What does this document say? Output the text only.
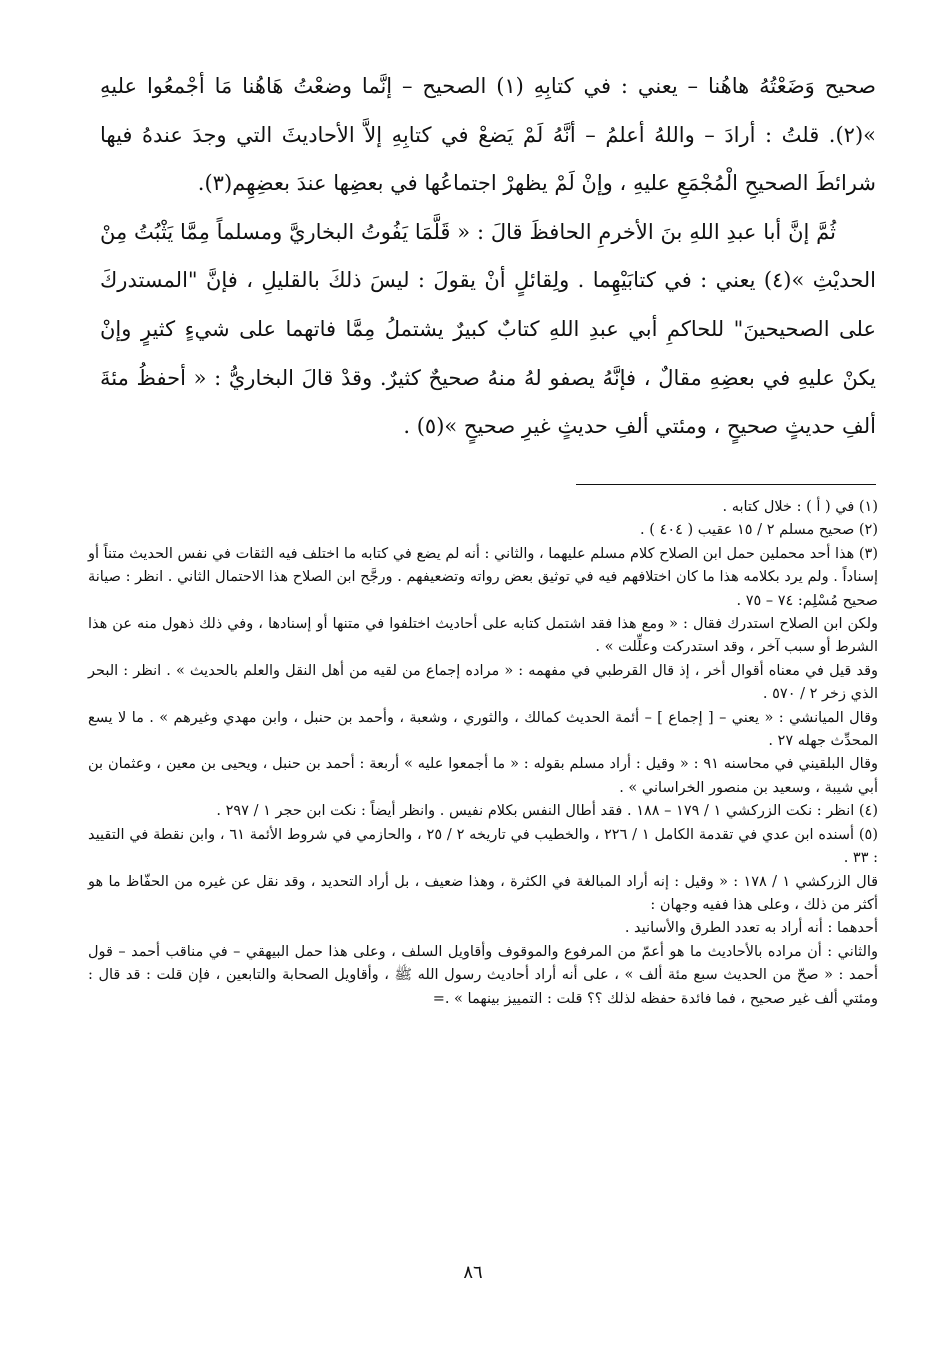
صحيح وَضَعْتُهُ هاهُنا – يعني : في كتابِهِ (١) الصحيح – إنَّما وضعْتُ هَاهُنا مَا أجْمعُوا عليهِ »(٢). قلتُ : أرادَ – واللهُ أعلمُ – أنَّهُ لَمْ يَضعْ في كتابِهِ إلاَّ الأحاديثَ التي وجدَ عندهُ فيها شرائطَ الصحيحِ الْمُجْمَعِ عليهِ ، وإنْ لَمْ يظهرْ اجتماعُها في بعضِها عندَ بعضِهِم(٣).

ثُمَّ إنَّ أبا عبدِ اللهِ بنَ الأخرمِ الحافظَ قالَ : « قَلَّمَا يَفُوتُ البخاريَّ ومسلماً مِمَّا يَثْبُتُ مِنْ الحديْثِ »(٤) يعني : في كتابَيْهِما . ولِقائلٍ أنْ يقولَ : ليسَ ذلكَ بالقليلِ ، فإنَّ "المستدركَ على الصحيحينَ" للحاكمِ أبي عبدِ اللهِ كتابٌ كبيرٌ يشتملُ مِمَّا فاتهما على شيءٍ كثيرٍ وإنْ يكنْ عليهِ في بعضِهِ مقالٌ ، فإنَّهُ يصفو لهُ منهُ صحيحٌ كثيرٌ. وقدْ قالَ البخاريُّ : « أحفظُ مئةَ ألفِ حديثٍ صحيحٍ ، ومئتي ألفِ حديثٍ غيرِ صحيحٍ »(٥) .

(١) في ( أ ) : خلال كتابه .

(٢) صحيح مسلم ٢ / ١٥ عقيب ( ٤٠٤ ) .

(٣) هذا أحد محملين حمل ابن الصلاح كلام مسلم عليهما ، والثاني : أنه لم يضع في كتابه ما اختلف فيه الثقات في نفس الحديث متناً أو إسناداً . ولم يرد بكلامه هذا ما كان اختلافهم فيه في توثيق بعض رواته وتضعيفهم . ورجَّح ابن الصلاح هذا الاحتمال الثاني . انظر : صيانة صحيح مُسْلِم: ٧٤ – ٧٥ .

ولكن ابن الصلاح استدرك فقال : « ومع هذا فقد اشتمل كتابه على أحاديث اختلفوا في متنها أو إسنادها ، وفي ذلك ذهول منه عن هذا الشرط أو سبب آخر ، وقد استدركت وعلِّلت » .

وقد قيل في معناه أقوال أخر ، إذ قال القرطبي في مفهمه : « مراده إجماع من لقيه من أهل النقل والعلم بالحديث » . انظر : البحر الذي زخر ٢ / ٥٧٠ .

وقال الميانشي : « يعني – [ إجماع ] – أئمة الحديث كمالك ، والثوري ، وشعبة ، وأحمد بن حنبل ، وابن مهدي وغيرهم » . ما لا يسع المحدِّث جهله ٢٧ .

وقال البلقيني في محاسنه ٩١ : « وقيل : أراد مسلم بقوله : « ما أجمعوا عليه » أربعة : أحمد بن حنبل ، ويحيى بن معين ، وعثمان بن أبي شيبة ، وسعيد بن منصور الخراساني » .

(٤) انظر : نكت الزركشي ١ / ١٧٩ – ١٨٨ . فقد أطال النفس بكلام نفيس . وانظر أيضاً : نكت ابن حجر ١ / ٢٩٧ .

(٥) أسنده ابن عدي في تقدمة الكامل ١ / ٢٢٦ ، والخطيب في تاريخه ٢ / ٢٥ ، والحازمي في شروط الأئمة ٦١ ، وابن نقطة في التقييد : ٣٣ .

قال الزركشي ١ / ١٧٨ : « وقيل : إنه أراد المبالغة في الكثرة ، وهذا ضعيف ، بل أراد التحديد ، وقد نقل عن غيره من الحفّاظ ما هو أكثر من ذلك ، وعلى هذا ففيه وجهان :

أحدهما : أنه أراد به تعدد الطرق والأسانيد .

والثاني : أن مراده بالأحاديث ما هو أعمّ من المرفوع والموقوف وأقاويل السلف ، وعلى هذا حمل البيهقي – في مناقب أحمد – قول أحمد : « صحّ من الحديث سبع مئة ألف » ، على أنه أراد أحاديث رسول الله ﷺ ، وأقاويل الصحابة والتابعين ، فإن قلت : قد قال : ومئتي ألف غير صحيح ، فما فائدة حفظه لذلك ؟؟ قلت : التمييز بينهما » .=

٨٦
